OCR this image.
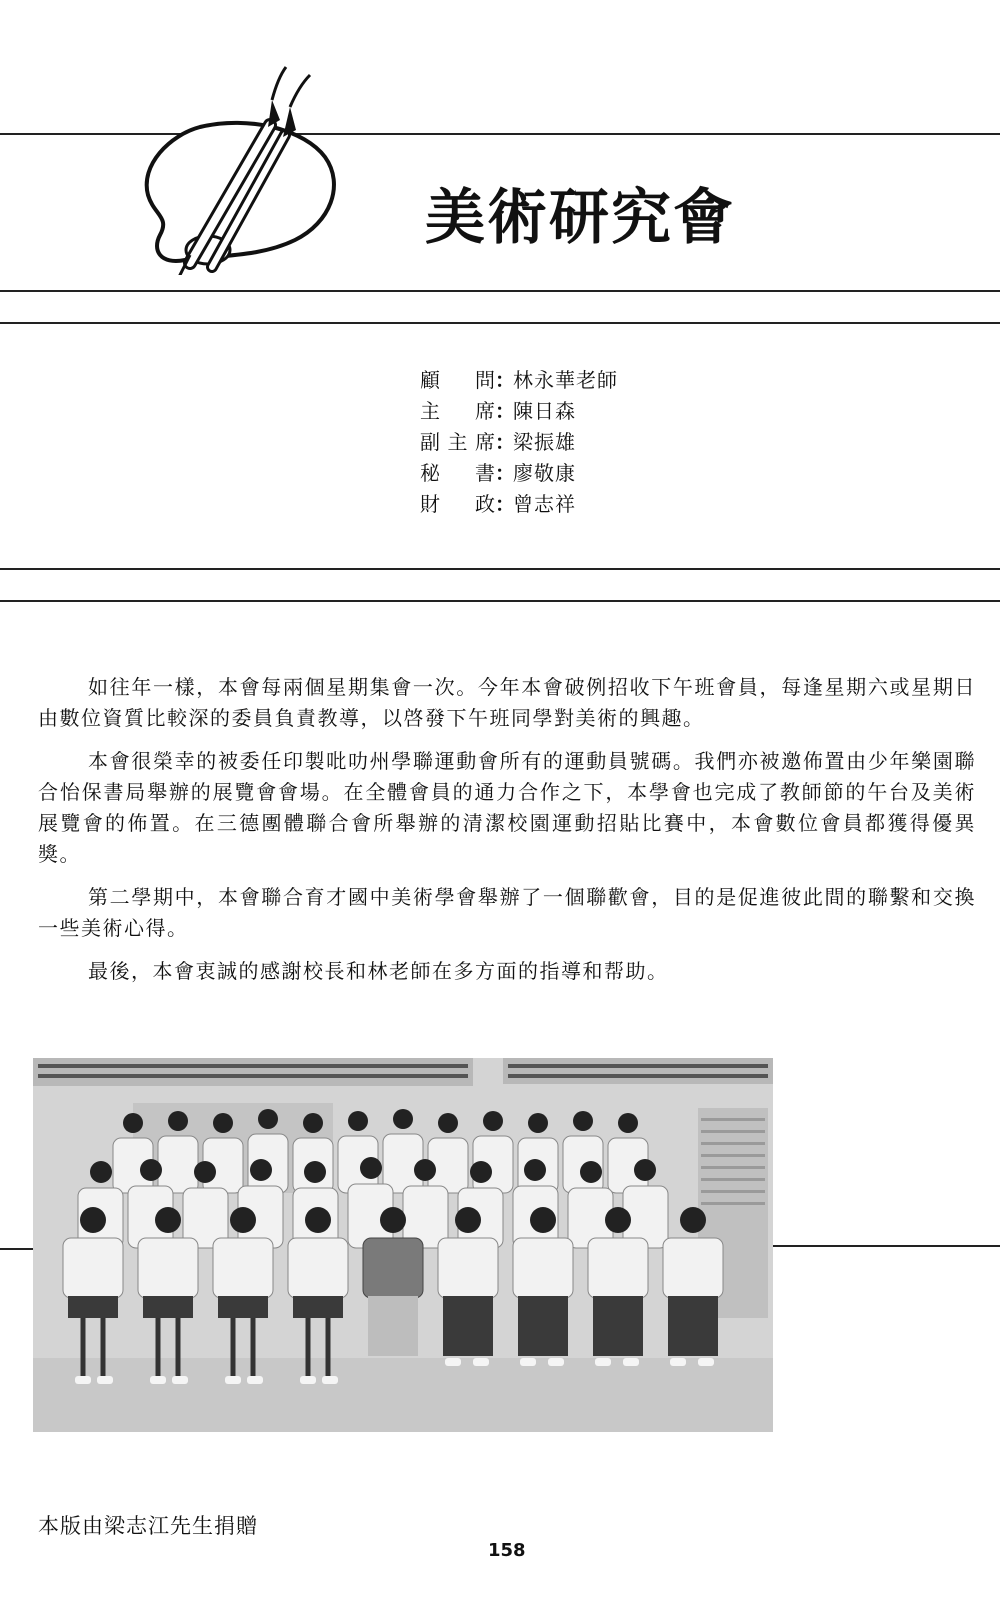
美術研究會
顧問 ：
林永華老師
主席 ：
陳日森
副主席 ：
梁振雄
秘書 ：
廖敬康
財政 ：
曾志祥

如往年一樣，本會每兩個星期集會一次。今年本會破例招收下午班會員，每逢星期六或星期日由數位資質比較深的委員負責教導，以啓發下午班同學對美術的興趣。

本會很榮幸的被委任印製吡叻州學聯運動會所有的運動員號碼。我們亦被邀佈置由少年樂園聯合怡保書局舉辦的展覽會會場。在全體會員的通力合作之下，本學會也完成了教師節的午台及美術展覽會的佈置。在三德團體聯合會所舉辦的清潔校園運動招貼比賽中，本會數位會員都獲得優異獎。

第二學期中，本會聯合育才國中美術學會舉辦了一個聯歡會，目的是促進彼此間的聯繫和交換一些美術心得。

最後，本會衷誠的感謝校長和林老師在多方面的指導和帮助。

本版由梁志江先生捐贈
158
